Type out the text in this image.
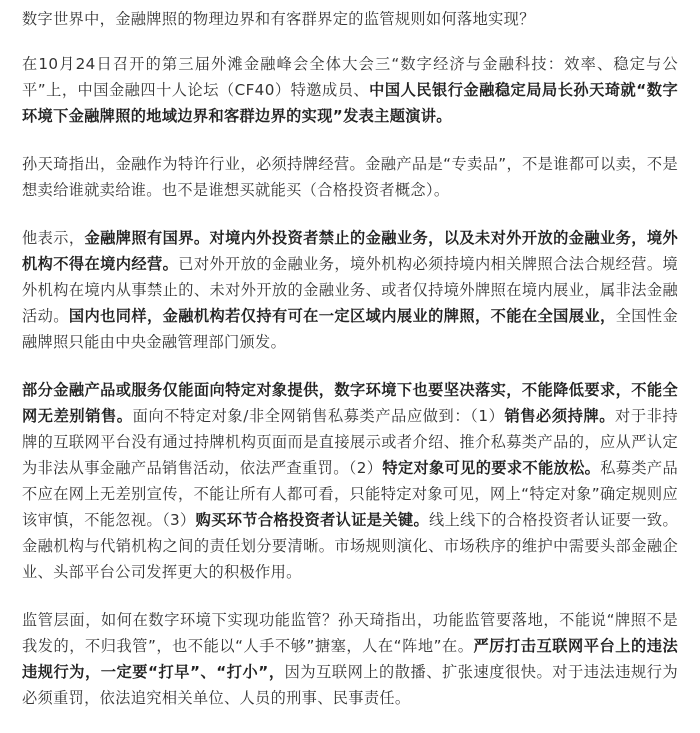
数字世界中，金融牌照的物理边界和有客群界定的监管规则如何落地实现？

在10月24日召开的第三届外滩金融峰会全体大会三“数字经济与金融科技：效率、稳定与公平”上，中国金融四十人论坛（CF40）特邀成员、中国人民银行金融稳定局局长孙天琦就“数字环境下金融牌照的地域边界和客群边界的实现”发表主题演讲。

孙天琦指出，金融作为特许行业，必须持牌经营。金融产品是“专卖品”，不是谁都可以卖，不是想卖给谁就卖给谁。也不是谁想买就能买（合格投资者概念）。

他表示，金融牌照有国界。对境内外投资者禁止的金融业务，以及未对外开放的金融业务，境外机构不得在境内经营。已对外开放的金融业务，境外机构必须持境内相关牌照合法合规经营。境外机构在境内从事禁止的、未对外开放的金融业务、或者仅持境外牌照在境内展业，属非法金融活动。国内也同样，金融机构若仅持有可在一定区域内展业的牌照，不能在全国展业，全国性金融牌照只能由中央金融管理部门颁发。

部分金融产品或服务仅能面向特定对象提供，数字环境下也要坚决落实，不能降低要求，不能全网无差别销售。面向不特定对象/非全网销售私募类产品应做到：（1）销售必须持牌。对于非持牌的互联网平台没有通过持牌机构页面而是直接展示或者介绍、推介私募类产品的，应从严认定为非法从事金融产品销售活动，依法严查重罚。（2）特定对象可见的要求不能放松。私募类产品不应在网上无差别宣传，不能让所有人都可看，只能特定对象可见，网上“特定对象”确定规则应该审慎，不能忽视。（3）购买环节合格投资者认证是关键。线上线下的合格投资者认证要一致。金融机构与代销机构之间的责任划分要清晰。市场规则演化、市场秩序的维护中需要头部金融企业、头部平台公司发挥更大的积极作用。

监管层面，如何在数字环境下实现功能监管？孙天琦指出，功能监管要落地，不能说“牌照不是我发的，不归我管”，也不能以“人手不够”搪塞，人在“阵地”在。严厉打击互联网平台上的违法违规行为，一定要“打早”、“打小”，因为互联网上的散播、扩张速度很快。对于违法违规行为必须重罚，依法追究相关单位、人员的刑事、民事责任。
